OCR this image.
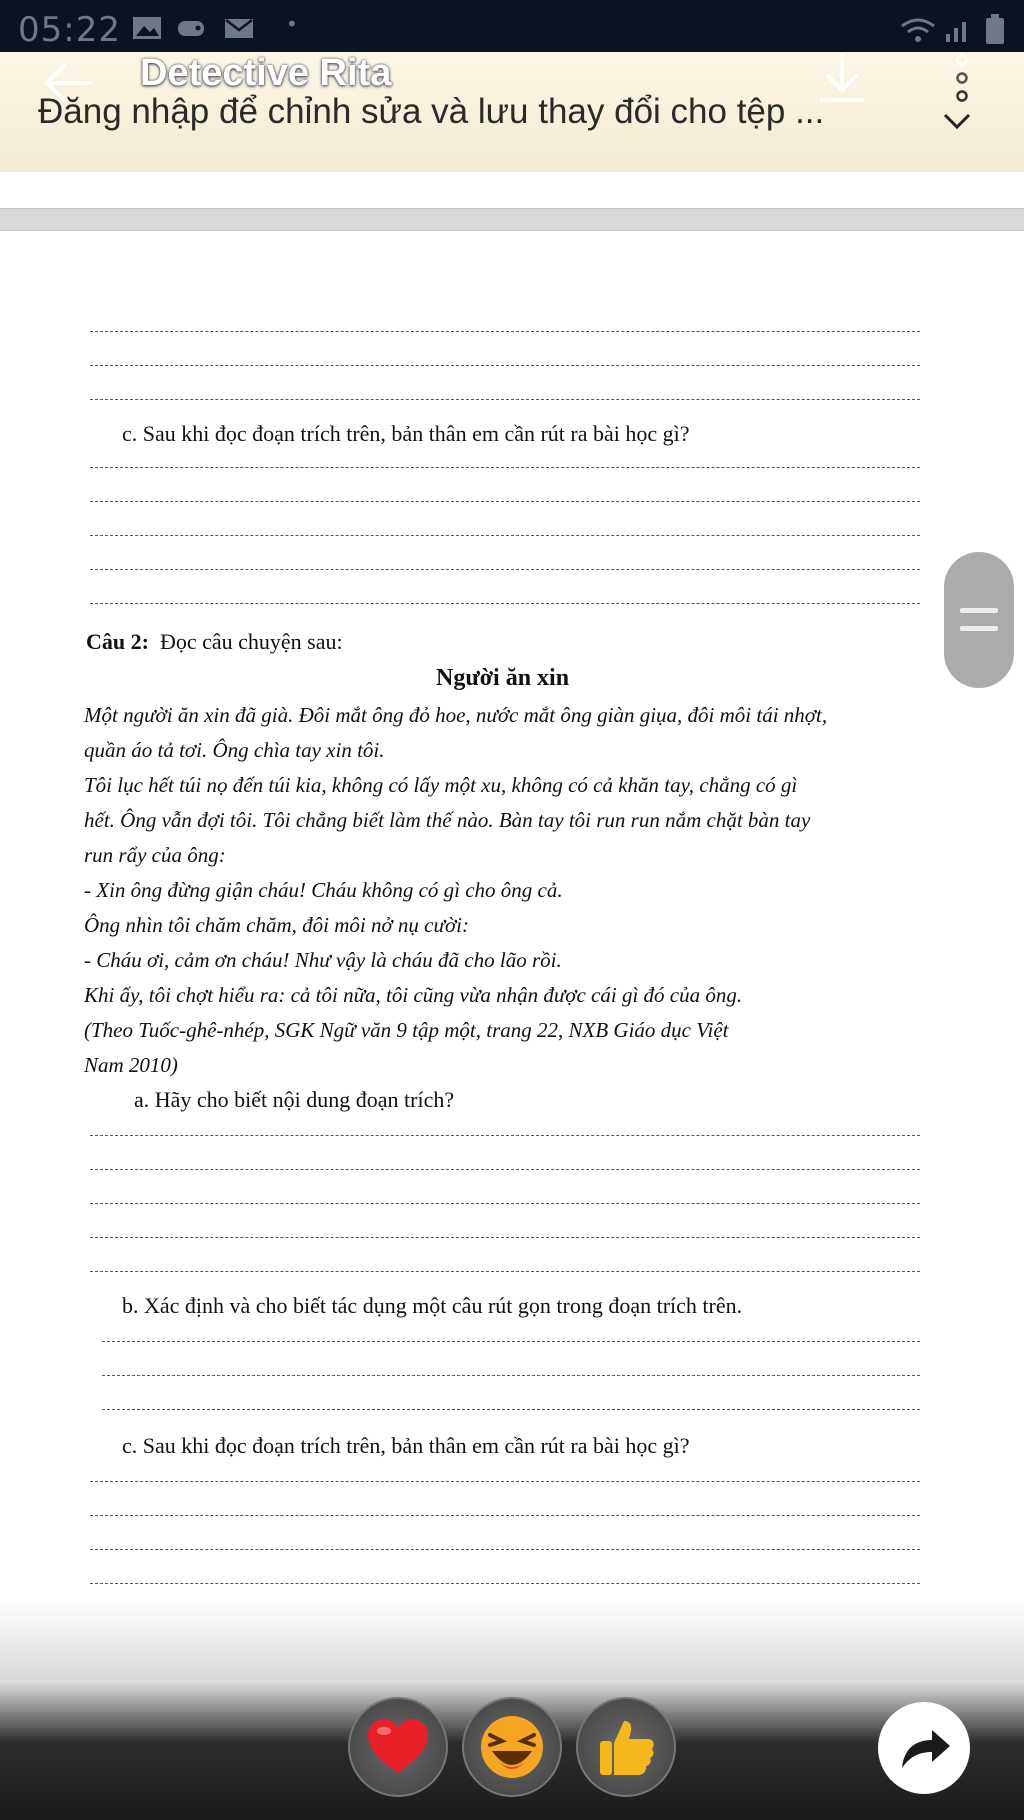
05:22	•
Detective Rita
Đăng nhập để chỉnh sửa và lưu thay đổi cho tệp ...
c. Sau khi đọc đoạn trích trên, bản thân em cần rút ra bài học gì?
Câu 2: Đọc câu chuyện sau:
Người ăn xin
Một người ăn xin đã già. Đôi mắt ông đỏ hoe, nước mắt ông giàn giụa, đôi môi tái nhợt,
quần áo tả tơi. Ông chìa tay xin tôi.
Tôi lục hết túi nọ đến túi kia, không có lấy một xu, không có cả khăn tay, chẳng có gì
hết. Ông vẫn đợi tôi. Tôi chẳng biết làm thế nào. Bàn tay tôi run run nắm chặt bàn tay
run rẩy của ông:
- Xin ông đừng giận cháu! Cháu không có gì cho ông cả.
Ông nhìn tôi chăm chăm, đôi môi nở nụ cười:
- Cháu ơi, cảm ơn cháu! Như vậy là cháu đã cho lão rồi.
Khi ấy, tôi chợt hiểu ra: cả tôi nữa, tôi cũng vừa nhận được cái gì đó của ông.
(Theo Tuốc-ghê-nhép, SGK Ngữ văn 9 tập một, trang 22, NXB Giáo dục Việt
Nam 2010)
a. Hãy cho biết nội dung đoạn trích?
b. Xác định và cho biết tác dụng một câu rút gọn trong đoạn trích trên.
c. Sau khi đọc đoạn trích trên, bản thân em cần rút ra bài học gì?
